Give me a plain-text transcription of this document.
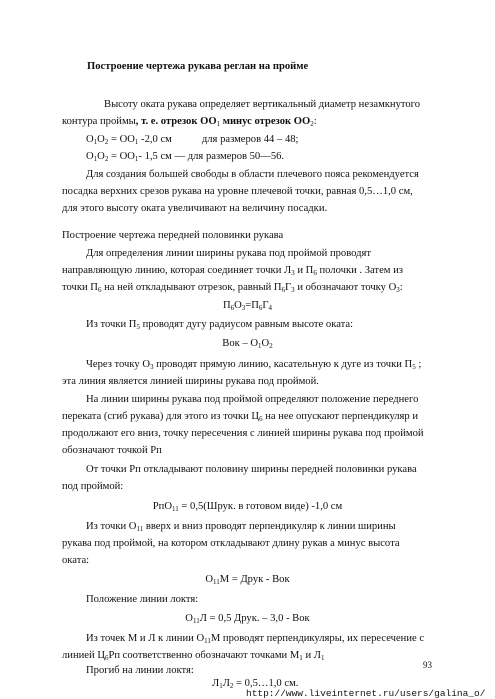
Построение чертежа рукава реглан на пройме
Высоту оката рукава определяет вертикальный диаметр незамкнутого
контура проймы, т. е. отрезок $ОО_1$ минус отрезок $ОО_2$:
$О_1О_2 = ОО_1$ -2,0 см	для размеров 44 – 48;
$О_1О_2 = ОО_1-$ 1,5 см — для размеров 50—56.
Для создания большей свободы в области плечевого пояса рекомендуется
посадка верхних срезов рукава на уровне плечевой точки, равная 0,5…1,0 см,
для этого высоту оката увеличивают на величину посадки.
Построение чертежа передней половинки рукава
Для определения линии ширины рукава под проймой проводят
направляющую линию, которая соединяет точки $Л_3$ и $П_6$ полочки . Затем из
точки $П_6$ на ней откладывают отрезок, равный $П_6Г_3$ и обозначают точку $О_3$:
$П_6О_3=П_6Г_4$
Из точки $П_5$ проводят дугу радиусом равным высоте оката:
Вок – $О_1О_2$
Через точку $О_3$ проводят прямую линию, касательную к дуге из точки $П_5$ ;
эта линия является линией ширины рукава под проймой.
На линии ширины рукава под проймой определяют положение переднего
переката (сгиб рукава) для этого из точки $Ц_6$ на нее опускают перпендикуляр и
продолжают его вниз, точку пересечения с линией ширины рукава под проймой
обозначают точкой Рп
От точки Рп откладывают половину ширины передней половинки рукава
под проймой:
РпО$_{11}$ = 0,5(Шрук. в готовом виде) -1,0 см
Из точки $О_{11}$ вверх и вниз проводят перпендикуляр к линии ширины
рукава под проймой, на котором откладывают длину рукав а минус высота
оката:
$О_{11}М$ = Друк - Вок
Положение линии локтя:
$О_{11}Л = 0,5$ Друк. – 3,0 - Вок
Из точек М и Л к линии $О_{11}М$ проводят перпендикуляры, их пересечение с
линией $Ц_6Рп$ соответственно обозначают точками $М_1$ и $Л_1$
Прогиб на линии локтя:
$Л_1Л_2$ = 0,5…1,0 см.
93
http://www.liveinternet.ru/users/galina_o/
